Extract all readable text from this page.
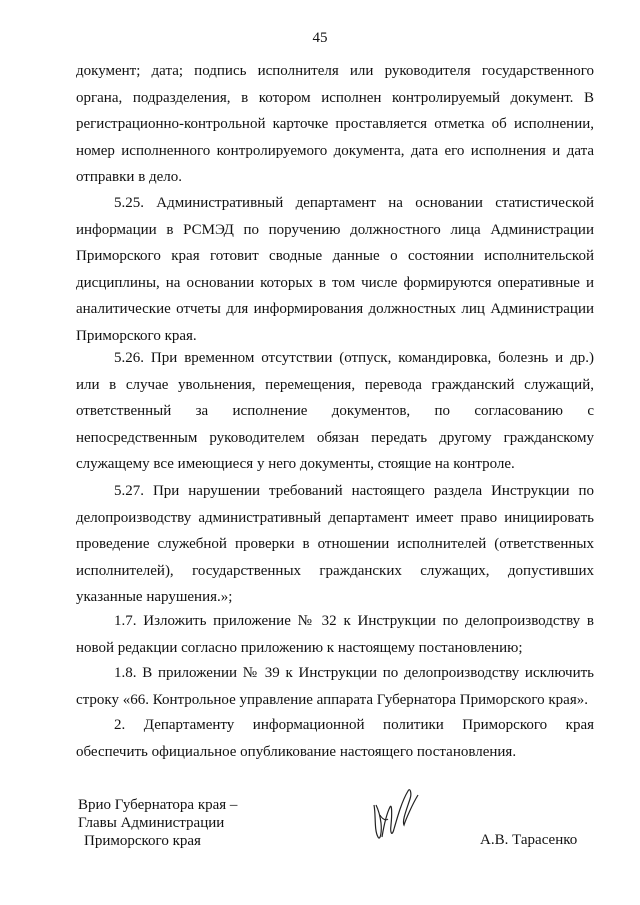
45
документ; дата; подпись исполнителя или руководителя государственного органа, подразделения, в котором исполнен контролируемый документ. В регистрационно-контрольной карточке проставляется отметка об исполнении, номер исполненного контролируемого документа, дата его исполнения и дата отправки в дело.
5.25. Административный департамент на основании статистической информации в РСМЭД по поручению должностного лица Администрации Приморского края готовит сводные данные о состоянии исполнительской дисциплины, на основании которых в том числе формируются оперативные и аналитические отчеты для информирования должностных лиц Администрации Приморского края.
5.26. При временном отсутствии (отпуск, командировка, болезнь и др.) или в случае увольнения, перемещения, перевода гражданский служащий, ответственный за исполнение документов, по согласованию с непосредственным руководителем обязан передать другому гражданскому служащему все имеющиеся у него документы, стоящие на контроле.
5.27. При нарушении требований настоящего раздела Инструкции по делопроизводству административный департамент имеет право инициировать проведение служебной проверки в отношении исполнителей (ответственных исполнителей), государственных гражданских служащих, допустивших указанные нарушения.»;
1.7. Изложить приложение № 32 к Инструкции по делопроизводству в новой редакции согласно приложению к настоящему постановлению;
1.8. В приложении № 39 к Инструкции по делопроизводству исключить строку «66. Контрольное управление аппарата Губернатора Приморского края».
2. Департаменту информационной политики Приморского края обеспечить официальное опубликование настоящего постановления.
Врио Губернатора края –
Главы Администрации
Приморского края	А.В. Тарасенко
